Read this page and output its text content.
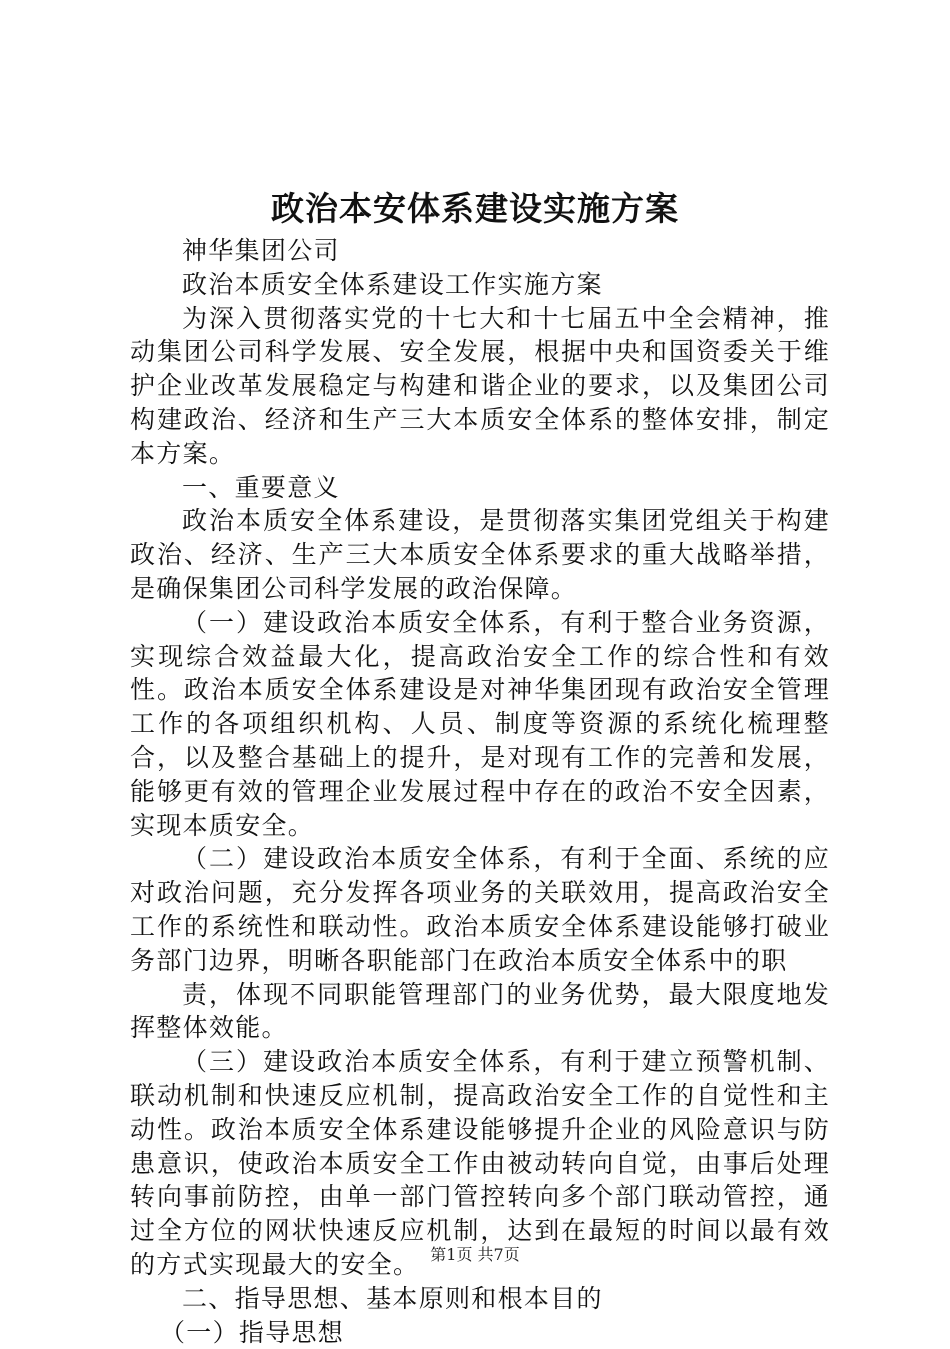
政治本安体系建设实施方案

神华集团公司

政治本质安全体系建设工作实施方案

为深入贯彻落实党的十七大和十七届五中全会精神，推动集团公司科学发展、安全发展，根据中央和国资委关于维护企业改革发展稳定与构建和谐企业的要求，以及集团公司构建政治、经济和生产三大本质安全体系的整体安排，制定本方案。

一、重要意义

政治本质安全体系建设，是贯彻落实集团党组关于构建政治、经济、生产三大本质安全体系要求的重大战略举措，是确保集团公司科学发展的政治保障。

（一）建设政治本质安全体系，有利于整合业务资源，实现综合效益最大化，提高政治安全工作的综合性和有效性。政治本质安全体系建设是对神华集团现有政治安全管理工作的各项组织机构、人员、制度等资源的系统化梳理整合，以及整合基础上的提升，是对现有工作的完善和发展，能够更有效的管理企业发展过程中存在的政治不安全因素，实现本质安全。

（二）建设政治本质安全体系，有利于全面、系统的应对政治问题，充分发挥各项业务的关联效用，提高政治安全工作的系统性和联动性。政治本质安全体系建设能够打破业务部门边界，明晰各职能部门在政治本质安全体系中的职

责，体现不同职能管理部门的业务优势，最大限度地发挥整体效能。

（三）建设政治本质安全体系，有利于建立预警机制、联动机制和快速反应机制，提高政治安全工作的自觉性和主动性。政治本质安全体系建设能够提升企业的风险意识与防患意识，使政治本质安全工作由被动转向自觉，由事后处理转向事前防控，由单一部门管控转向多个部门联动管控，通过全方位的网状快速反应机制，达到在最短的时间以最有效的方式实现最大的安全。

二、指导思想、基本原则和根本目的

（一）指导思想

第1页 共7页
